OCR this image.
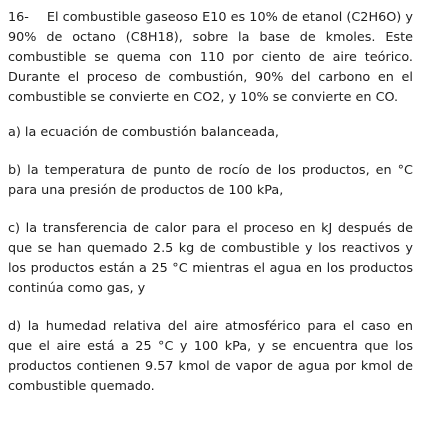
16- El combustible gaseoso E10 es 10% de etanol (C2H6O) y 90% de octano (C8H18), sobre la base de kmoles. Este combustible se quema con 110 por ciento de aire teórico. Durante el proceso de combustión, 90% del carbono en el combustible se convierte en CO2, y 10% se convierte en CO.

a) la ecuación de combustión balanceada,

b) la temperatura de punto de rocío de los productos, en °C para una presión de productos de 100 kPa,

c) la transferencia de calor para el proceso en kJ después de que se han quemado 2.5 kg de combustible y los reactivos y los productos están a 25 °C mientras el agua en los productos continúa como gas, y

d) la humedad relativa del aire atmosférico para el caso en que el aire está a 25 °C y 100 kPa, y se encuentra que los productos contienen 9.57 kmol de vapor de agua por kmol de combustible quemado.
